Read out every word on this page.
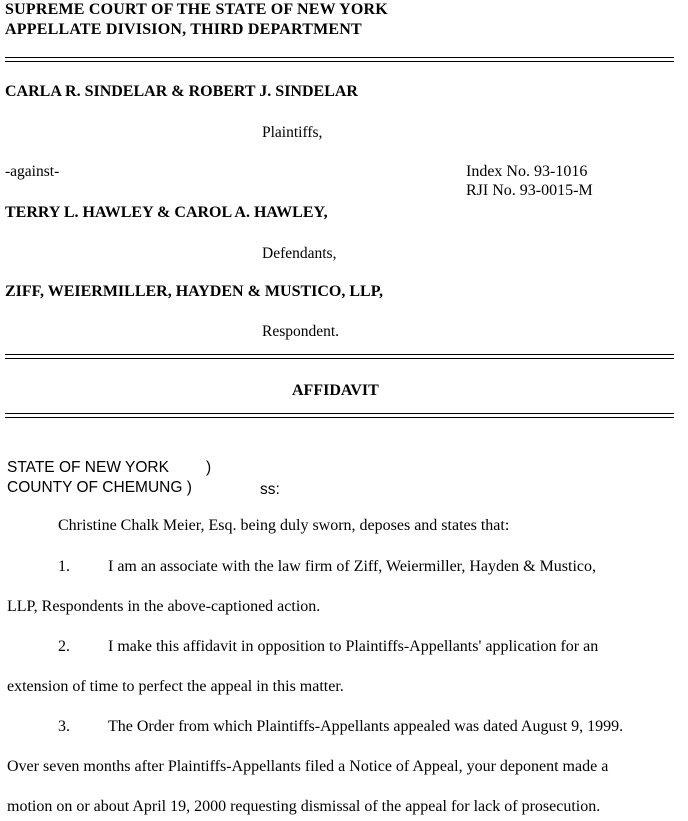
SUPREME COURT OF THE STATE OF NEW YORK
APPELLATE DIVISION, THIRD DEPARTMENT
CARLA R. SINDELAR & ROBERT J. SINDELAR
Plaintiffs,
-against-	Index No. 93-1016
RJI No. 93-0015-M
TERRY L. HAWLEY & CAROL A. HAWLEY,
Defendants,
ZIFF, WEIERMILLER, HAYDEN & MUSTICO, LLP,
Respondent.
AFFIDAVIT
STATE OF NEW YORK )
COUNTY OF CHEMUNG )	ss:
Christine Chalk Meier, Esq. being duly sworn, deposes and states that:
1. I am an associate with the law firm of Ziff, Weiermiller, Hayden & Mustico,
LLP, Respondents in the above-captioned action.
2. I make this affidavit in opposition to Plaintiffs-Appellants' application for an
extension of time to perfect the appeal in this matter.
3. The Order from which Plaintiffs-Appellants appealed was dated August 9, 1999.
Over seven months after Plaintiffs-Appellants filed a Notice of Appeal, your deponent made a
motion on or about April 19, 2000 requesting dismissal of the appeal for lack of prosecution.
